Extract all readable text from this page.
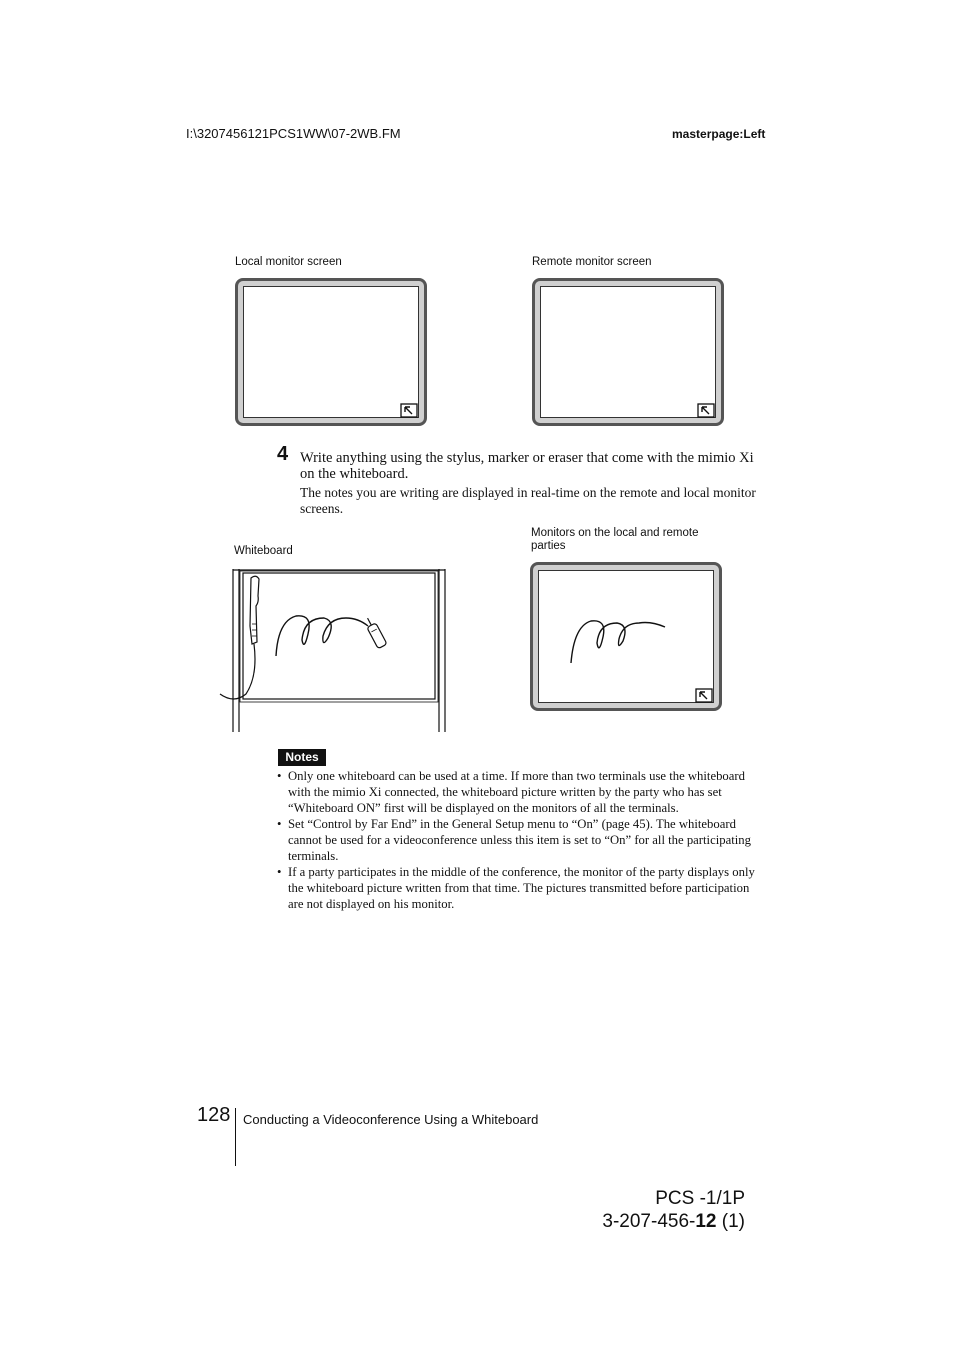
I:\3207456121PCS1WW\07-2WB.FM	masterpage:Left
Local monitor screen	Remote monitor screen
4 Write anything using the stylus, marker or eraser that come with the mimio Xi on the whiteboard.
The notes you are writing are displayed in real-time on the remote and local monitor screens.
Whiteboard
Monitors on the local and remote parties
Notes
• Only one whiteboard can be used at a time. If more than two terminals use the whiteboard with the mimio Xi connected, the whiteboard picture written by the party who has set “Whiteboard ON” first will be displayed on the monitors of all the terminals.
• Set “Control by Far End” in the General Setup menu to “On” (page 45). The whiteboard cannot be used for a videoconference unless this item is set to “On” for all the participating terminals.
• If a party participates in the middle of the conference, the monitor of the party displays only the whiteboard picture written from that time. The pictures transmitted before participation are not displayed on his monitor.
128 Conducting a Videoconference Using a Whiteboard
PCS -1/1P
3-207-456-12 (1)
